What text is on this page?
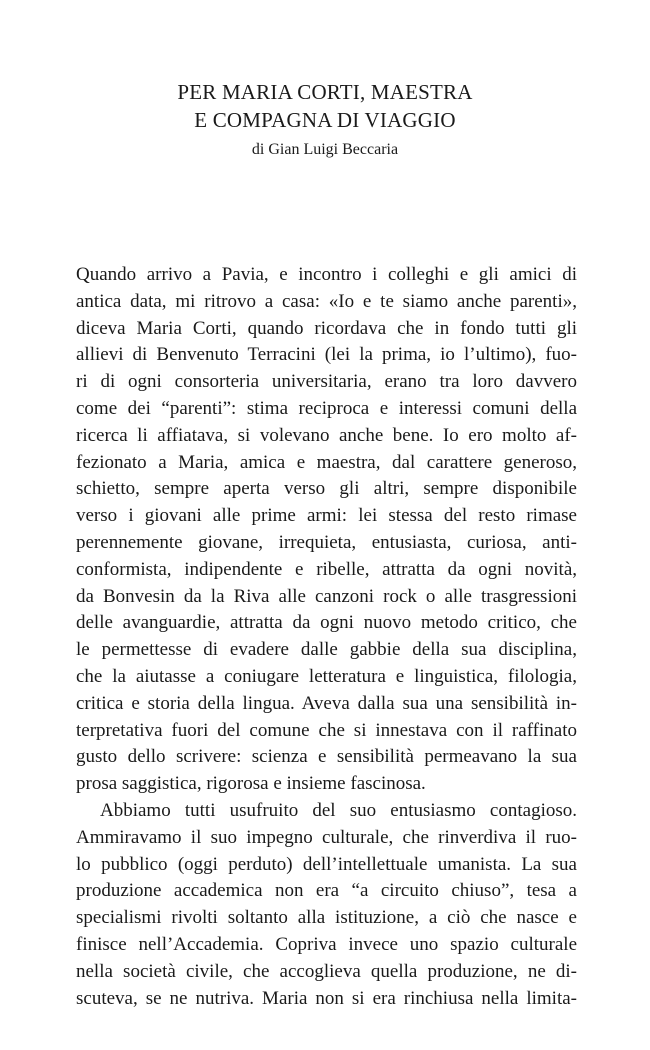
PER MARIA CORTI, MAESTRA
E COMPAGNA DI VIAGGIO

di Gian Luigi Beccaria

Quando arrivo a Pavia, e incontro i colleghi e gli amici di
antica data, mi ritrovo a casa: «Io e te siamo anche parenti»,
diceva Maria Corti, quando ricordava che in fondo tutti gli
allievi di Benvenuto Terracini (lei la prima, io l’ultimo), fuo-
ri di ogni consorteria universitaria, erano tra loro davvero
come dei “parenti”: stima reciproca e interessi comuni della
ricerca li affiatava, si volevano anche bene. Io ero molto af-
fezionato a Maria, amica e maestra, dal carattere generoso,
schietto, sempre aperta verso gli altri, sempre disponibile
verso i giovani alle prime armi: lei stessa del resto rimase
perennemente giovane, irrequieta, entusiasta, curiosa, anti-
conformista, indipendente e ribelle, attratta da ogni novità,
da Bonvesin da la Riva alle canzoni rock o alle trasgressioni
delle avanguardie, attratta da ogni nuovo metodo critico, che
le permettesse di evadere dalle gabbie della sua disciplina,
che la aiutasse a coniugare letteratura e linguistica, filologia,
critica e storia della lingua. Aveva dalla sua una sensibilità in-
terpretativa fuori del comune che si innestava con il raffinato
gusto dello scrivere: scienza e sensibilità permeavano la sua
prosa saggistica, rigorosa e insieme fascinosa.
Abbiamo tutti usufruito del suo entusiasmo contagioso.
Ammiravamo il suo impegno culturale, che rinverdiva il ruo-
lo pubblico (oggi perduto) dell’intellettuale umanista. La sua
produzione accademica non era “a circuito chiuso”, tesa a
specialismi rivolti soltanto alla istituzione, a ciò che nasce e
finisce nell’Accademia. Copriva invece uno spazio culturale
nella società civile, che accoglieva quella produzione, ne di-
scuteva, se ne nutriva. Maria non si era rinchiusa nella limita-
